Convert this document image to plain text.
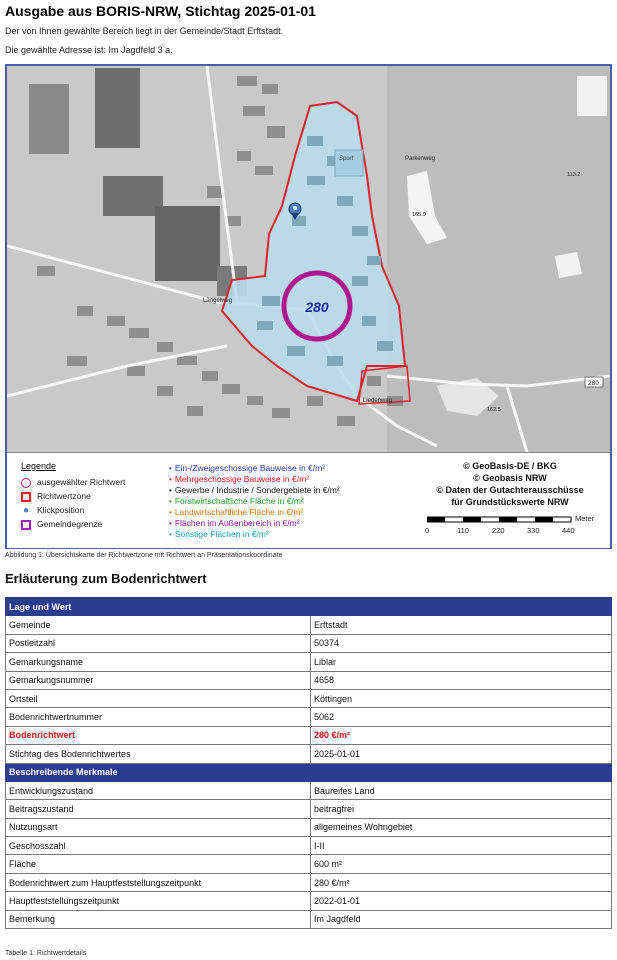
Ausgabe aus BORIS-NRW, Stichtag 2025-01-01
Der von Ihnen gewählte Bereich liegt in der Gemeinde/Stadt Erftstadt.
Die gewählte Adresse ist: Im Jagdfeld 3 a.
Sport	Parkenweg
Längelweg
Liedenweg
280
113.2
165.9
162.5
280
Legende
ausgewählter Richtwert
Richtwertzone
● Klickposition
Gemeindegrenze
• Ein-/Zweigeschossige Bauweise in €/m²
• Mehrgeschossige Bauweise in €/m²
• Gewerbe / Industrie / Sondergebiete in €/m²
• Forstwirtschaftliche Fläche in €/m²
• Landwirtschaftliche Fläche in €/m²
• Flächen im Außenbereich in €/m²
• Sonstige Flächen in €/m²
© GeoBasis-DE / BKG
© Geobasis NRW
© Daten der Gutachterausschüsse
für Grundstückswerte NRW
Meter
0	110	220	330	440
Abbildung 1: Übersichtskarte der Richtwertzone mit Richtwert an Präsentationskoordinate
Erläuterung zum Bodenrichtwert
Lage und Wert	
Gemeinde	Erftstadt
Postleitzahl	50374
Gemarkungsname	Liblar
Gemarkungsnummer	4658
Ortsteil	Köttingen
Bodenrichtwertnummer	5062
Bodenrichtwert	280 €/m²
Stichtag des Bodenrichtwertes	2025-01-01
Beschreibende Merkmale	
Entwicklungszustand	Baureifes Land
Beitragszustand	beitragfrei
Nutzungsart	allgemeines Wohngebiet
Geschosszahl	I-II
Fläche	600 m²
Bodenrichtwert zum Hauptfeststellungszeitpunkt	280 €/m²
Hauptfeststellungszeitpunkt	2022-01-01
Bemerkung	Im Jagdfeld
Tabelle 1: Richtwertdetails
